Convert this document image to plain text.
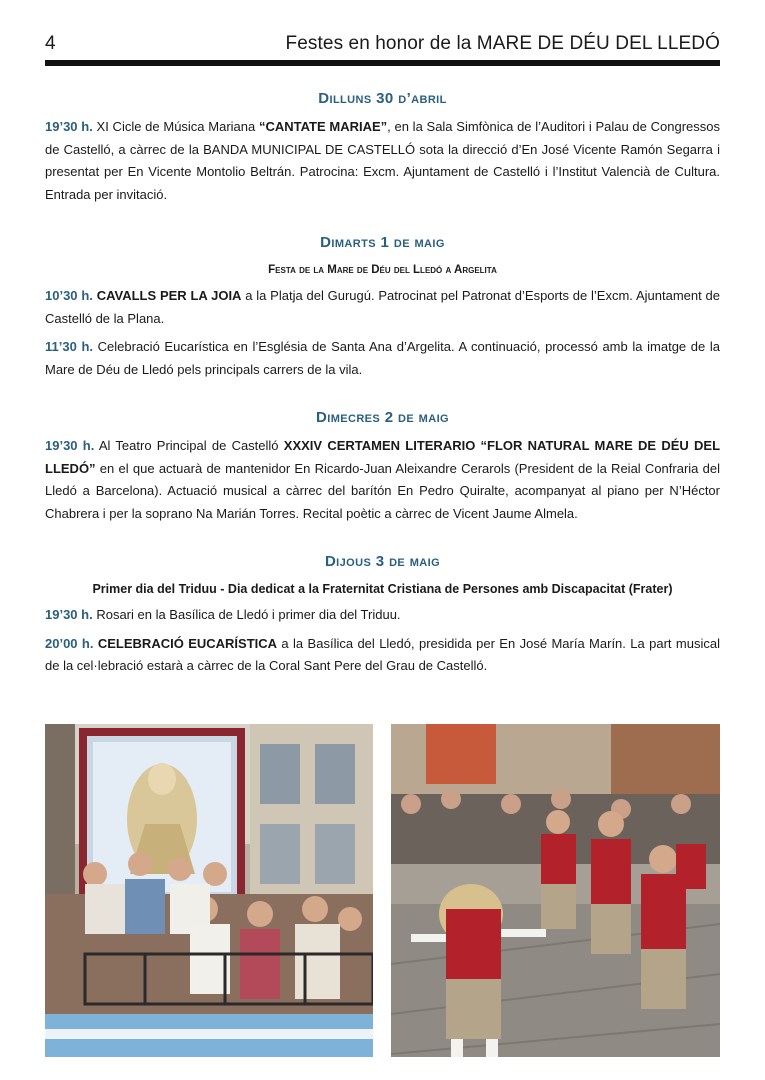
4	Festes en honor de la MARE DE DÉU DEL LLEDÓ
Dilluns 30 d’abril

19’30 h. XI Cicle de Música Mariana “CANTATE MARIAE”, en la Sala Simfònica de l’Auditori i Palau de Congressos de Castelló, a càrrec de la BANDA MUNICIPAL DE CASTELLÓ sota la direcció d’En José Vicente Ramón Segarra i presentat per En Vicente Montolio Beltrán. Patrocina: Excm. Ajuntament de Castelló i l’Institut Valencià de Cultura. Entrada per invitació.

Dimarts 1 de maig
Festa de la Mare de Déu del Lledó a Argelita

10’30 h. CAVALLS PER LA JOIA a la Platja del Gurugú. Patrocinat pel Patronat d’Esports de l’Excm. Ajuntament de Castelló de la Plana.

11’30 h. Celebració Eucarística en l’Església de Santa Ana d’Argelita. A continuació, processó amb la imatge de la Mare de Déu de Lledó pels principals carrers de la vila.

Dimecres 2 de maig

19’30 h. Al Teatro Principal de Castelló XXXIV CERTAMEN LITERARIO “FLOR NATURAL MARE DE DÉU DEL LLEDÓ” en el que actuarà de mantenidor En Ricardo-Juan Aleixandre Cerarols (President de la Reial Confraria del Lledó a Barcelona). Actuació musical a càrrec del barítón En Pedro Quiralte, acompanyat al piano per N’Héctor Chabrera i per la soprano Na Marián Torres. Recital poètic a càrrec de Vicent Jaume Almela.

Dijous 3 de maig
Primer dia del Triduu - Dia dedicat a la Fraternitat Cristiana de Persones amb Discapacitat (Frater)

19’30 h. Rosari en la Basílica de Lledó i primer dia del Triduu.

20’00 h. CELEBRACIÓ EUCARÍSTICA a la Basílica del Lledó, presidida per En José María Marín. La part musical de la cel·lebració estarà a càrrec de la Coral Sant Pere del Grau de Castelló.
